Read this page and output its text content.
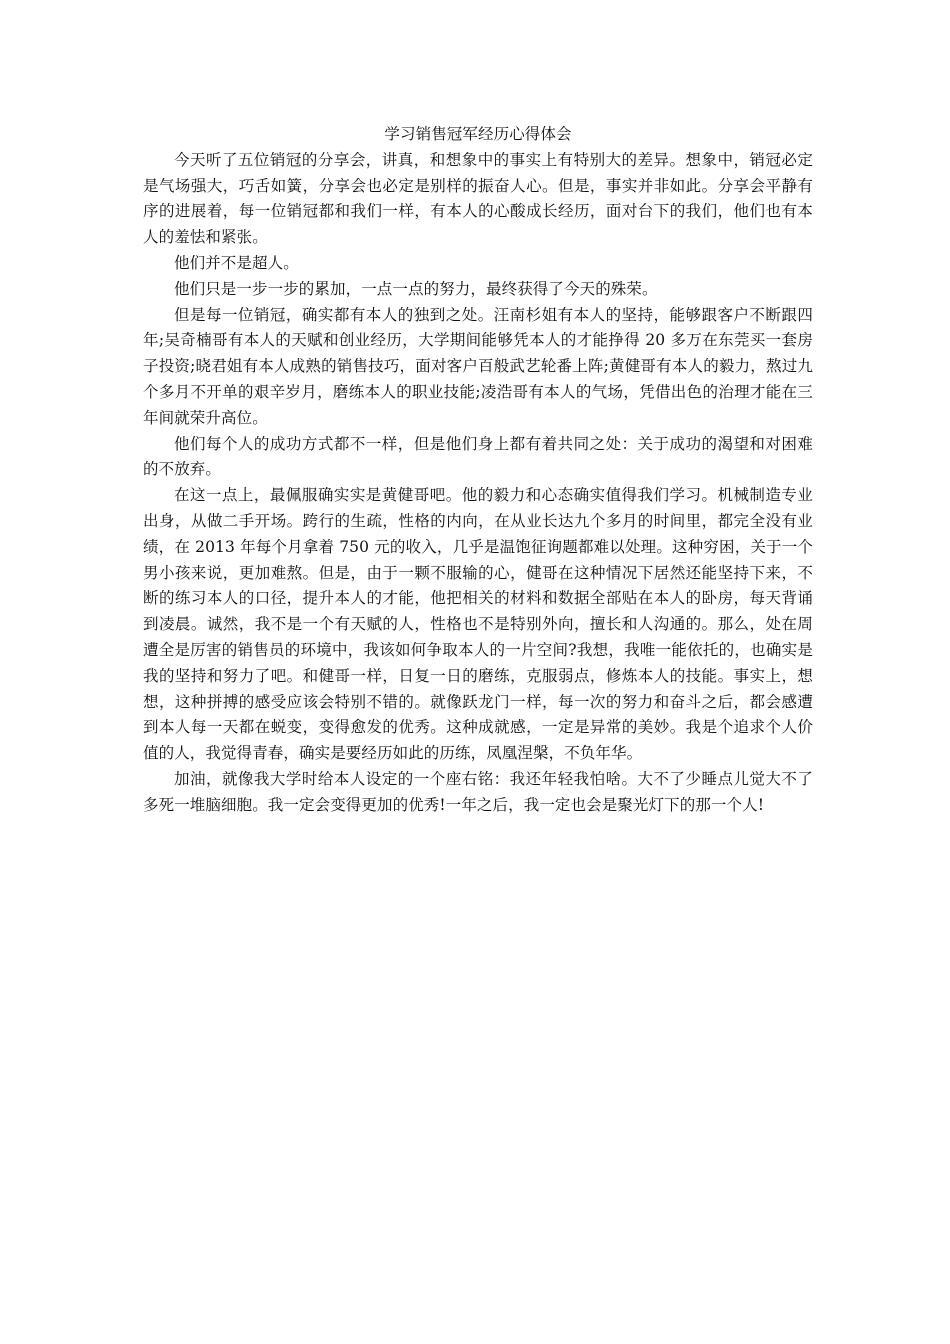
学习销售冠军经历心得体会

今天听了五位销冠的分享会，讲真，和想象中的事实上有特别大的差异。想象中，销冠必定是气场强大，巧舌如簧，分享会也必定是别样的振奋人心。但是，事实并非如此。分享会平静有序的进展着，每一位销冠都和我们一样，有本人的心酸成长经历，面对台下的我们，他们也有本人的羞怯和紧张。

他们并不是超人。

他们只是一步一步的累加，一点一点的努力，最终获得了今天的殊荣。

但是每一位销冠，确实都有本人的独到之处。汪南杉姐有本人的坚持，能够跟客户不断跟四年;吴奇楠哥有本人的天赋和创业经历，大学期间能够凭本人的才能挣得 20 多万在东莞买一套房子投资;晓君姐有本人成熟的销售技巧，面对客户百般武艺轮番上阵;黄健哥有本人的毅力，熬过九个多月不开单的艰辛岁月，磨练本人的职业技能;凌浩哥有本人的气场，凭借出色的治理才能在三年间就荣升高位。

他们每个人的成功方式都不一样，但是他们身上都有着共同之处：关于成功的渴望和对困难的不放弃。

在这一点上，最佩服确实实是黄健哥吧。他的毅力和心态确实值得我们学习。机械制造专业出身，从做二手开场。跨行的生疏，性格的内向，在从业长达九个多月的时间里，都完全没有业绩，在 2013 年每个月拿着 750 元的收入，几乎是温饱征询题都难以处理。这种穷困，关于一个男小孩来说，更加难熬。但是，由于一颗不服输的心，健哥在这种情况下居然还能坚持下来，不断的练习本人的口径，提升本人的才能，他把相关的材料和数据全部贴在本人的卧房，每天背诵到凌晨。诚然，我不是一个有天赋的人，性格也不是特别外向，擅长和人沟通的。那么，处在周遭全是厉害的销售员的环境中，我该如何争取本人的一片空间?我想，我唯一能依托的，也确实是我的坚持和努力了吧。和健哥一样，日复一日的磨练，克服弱点，修炼本人的技能。事实上，想想，这种拼搏的感受应该会特别不错的。就像跃龙门一样，每一次的努力和奋斗之后，都会感遭到本人每一天都在蜕变，变得愈发的优秀。这种成就感，一定是异常的美妙。我是个追求个人价值的人，我觉得青春，确实是要经历如此的历练，凤凰涅槃，不负年华。

加油，就像我大学时给本人设定的一个座右铭：我还年轻我怕啥。大不了少睡点儿觉大不了多死一堆脑细胞。我一定会变得更加的优秀!一年之后，我一定也会是聚光灯下的那一个人!
